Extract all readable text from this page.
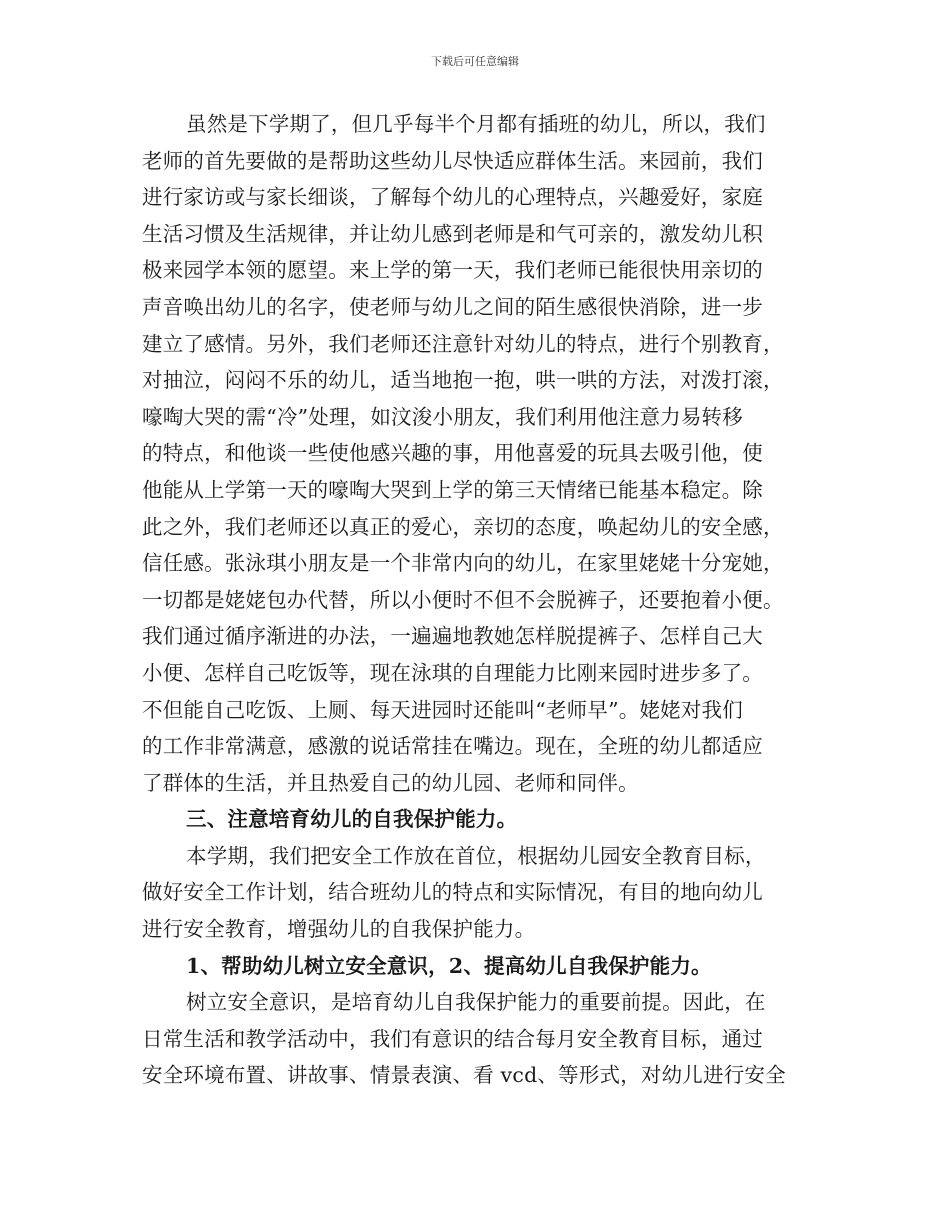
下载后可任意编辑
虽然是下学期了，但几乎每半个月都有插班的幼儿，所以，我们
老师的首先要做的是帮助这些幼儿尽快适应群体生活。来园前，我们
进行家访或与家长细谈，了解每个幼儿的心理特点，兴趣爱好，家庭
生活习惯及生活规律，并让幼儿感到老师是和气可亲的，激发幼儿积
极来园学本领的愿望。来上学的第一天，我们老师已能很快用亲切的
声音唤出幼儿的名字，使老师与幼儿之间的陌生感很快消除，进一步
建立了感情。另外，我们老师还注意针对幼儿的特点，进行个别教育，
对抽泣，闷闷不乐的幼儿，适当地抱一抱，哄一哄的方法，对泼打滚，
嚎啕大哭的需“冷”处理，如汶浚小朋友，我们利用他注意力易转移
的特点，和他谈一些使他感兴趣的事，用他喜爱的玩具去吸引他，使
他能从上学第一天的嚎啕大哭到上学的第三天情绪已能基本稳定。除
此之外，我们老师还以真正的爱心，亲切的态度，唤起幼儿的安全感，
信任感。张泳琪小朋友是一个非常内向的幼儿，在家里姥姥十分宠她，
一切都是姥姥包办代替，所以小便时不但不会脱裤子，还要抱着小便。
我们通过循序渐进的办法，一遍遍地教她怎样脱提裤子、怎样自己大
小便、怎样自己吃饭等，现在泳琪的自理能力比刚来园时进步多了。
不但能自己吃饭、上厕、每天进园时还能叫“老师早”。姥姥对我们
的工作非常满意，感激的说话常挂在嘴边。现在，全班的幼儿都适应
了群体的生活，并且热爱自己的幼儿园、老师和同伴。
三、注意培育幼儿的自我保护能力。
本学期，我们把安全工作放在首位，根据幼儿园安全教育目标，
做好安全工作计划，结合班幼儿的特点和实际情况，有目的地向幼儿
进行安全教育，增强幼儿的自我保护能力。
1、帮助幼儿树立安全意识，2、提高幼儿自我保护能力。
树立安全意识，是培育幼儿自我保护能力的重要前提。因此，在
日常生活和教学活动中，我们有意识的结合每月安全教育目标，通过
安全环境布置、讲故事、情景表演、看 vcd、等形式，对幼儿进行安全
